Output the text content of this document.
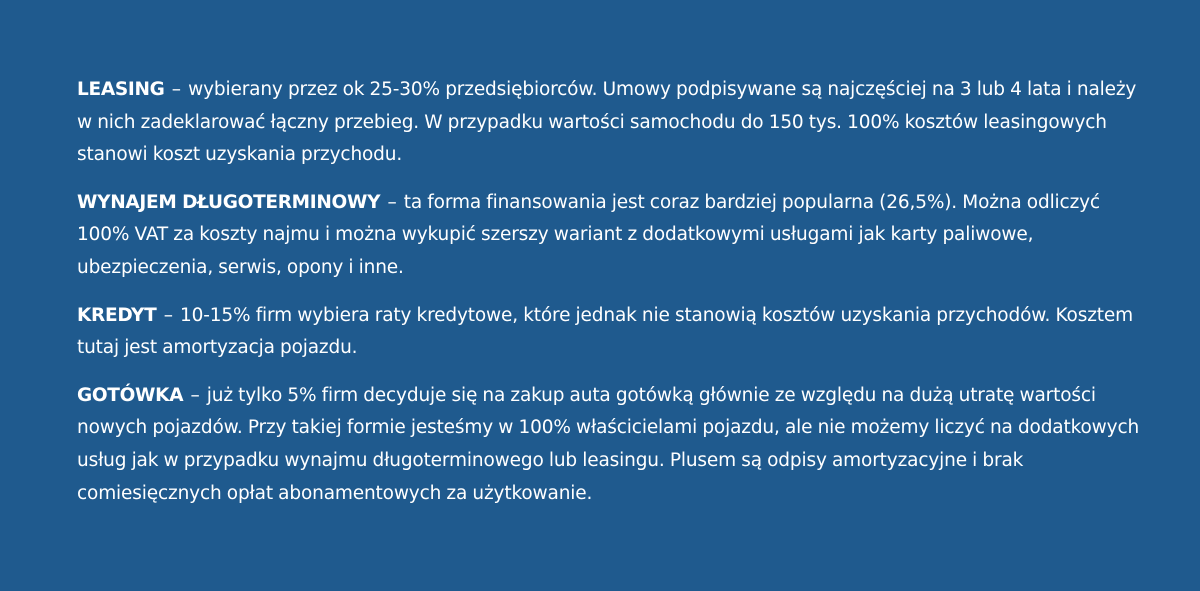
LEASING – wybierany przez ok 25-30% przedsiębiorców. Umowy podpisywane są najczęściej na 3 lub 4 lata i należy w nich zadeklarować łączny przebieg. W przypadku wartości samochodu do 150 tys. 100% kosztów leasingowych stanowi koszt uzyskania przychodu.

WYNAJEM DŁUGOTERMINOWY – ta forma finansowania jest coraz bardziej popularna (26,5%). Można odliczyć 100% VAT za koszty najmu i można wykupić szerszy wariant z dodatkowymi usługami jak karty paliwowe, ubezpieczenia, serwis, opony i inne.

KREDYT – 10-15% firm wybiera raty kredytowe, które jednak nie stanowią kosztów uzyskania przychodów. Kosztem tutaj jest amortyzacja pojazdu.

GOTÓWKA – już tylko 5% firm decyduje się na zakup auta gotówką głównie ze względu na dużą utratę wartości nowych pojazdów. Przy takiej formie jesteśmy w 100% właścicielami pojazdu, ale nie możemy liczyć na dodatkowych usług jak w przypadku wynajmu długoterminowego lub leasingu. Plusem są odpisy amortyzacyjne i brak comiesięcznych opłat abonamentowych za użytkowanie.
